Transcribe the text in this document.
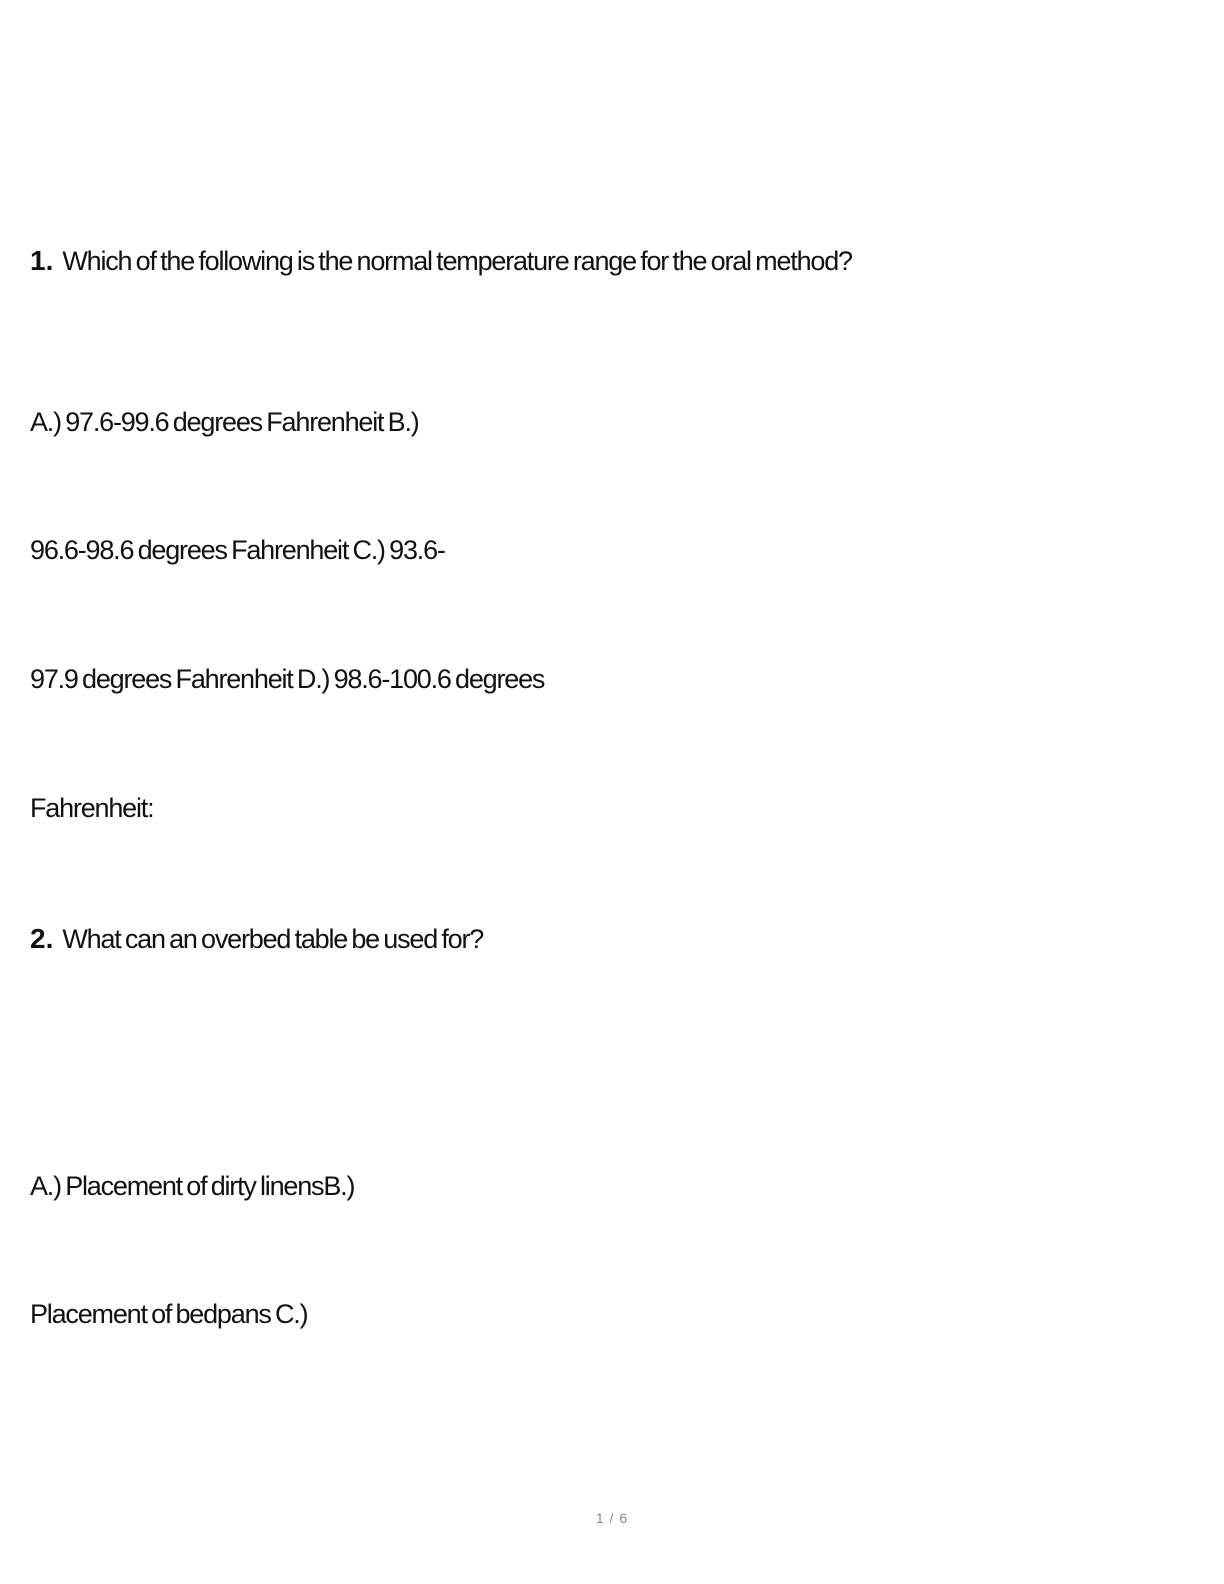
1. Which of the following is the normal temperature range for the oral method?
A.) 97.6-99.6 degrees Fahrenheit B.)
96.6-98.6 degrees Fahrenheit C.) 93.6-
97.9 degrees Fahrenheit D.) 98.6-100.6 degrees
Fahrenheit:
2. What can an overbed table be used for?
A.) Placement of dirty linensB.)
Placement of bedpans C.)
1 / 6
